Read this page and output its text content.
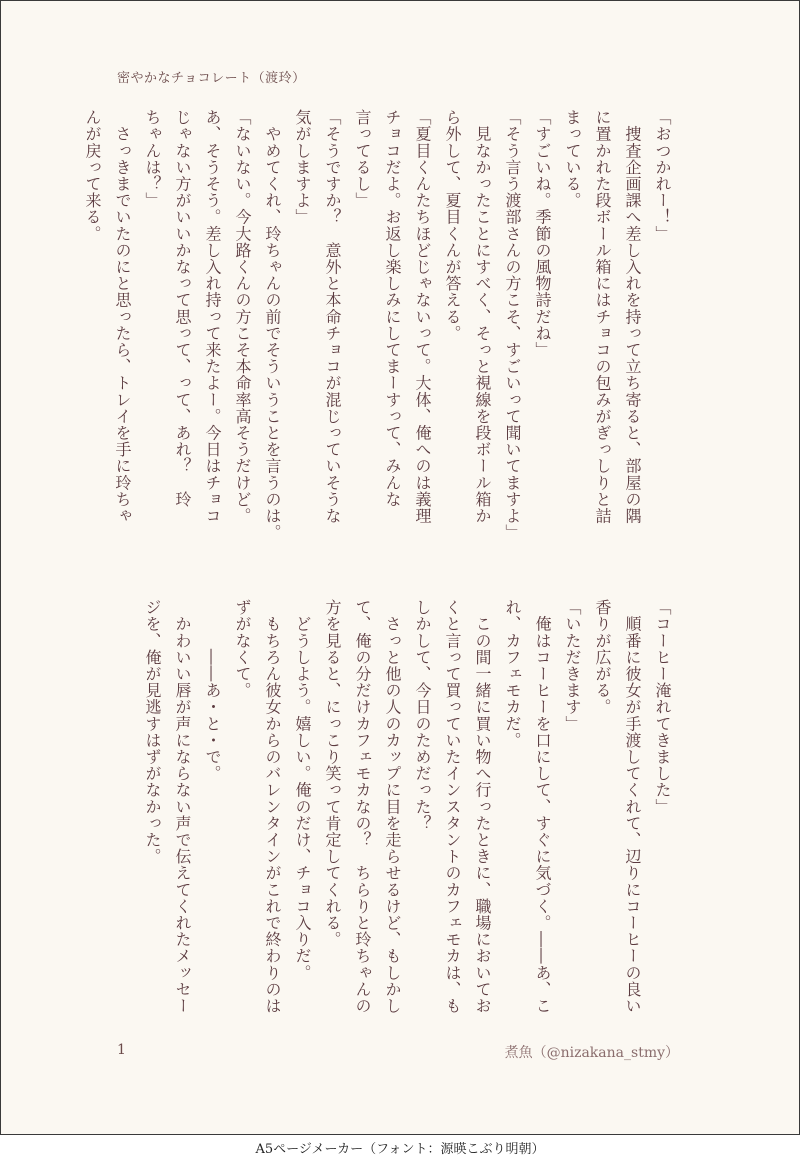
密やかなチョコレート（渡玲）

「おつかれー！」

　捜査企画課へ差し入れを持って立ち寄ると、部屋の隅

に置かれた段ボール箱にはチョコの包みがぎっしりと詰

まっている。

「すごいね。季節の風物詩だね」

「そう言う渡部さんの方こそ、すごいって聞いてますよ」

　見なかったことにすべく、そっと視線を段ボール箱か

ら外して、夏目くんが答える。

「夏目くんたちほどじゃないって。大体、俺へのは義理

チョコだよ。お返し楽しみにしてまーすって、みんな

言ってるし」

「そうですか？　意外と本命チョコが混じっていそうな

気がしますよ」

　やめてくれ、玲ちゃんの前でそういうことを言うのは。

「ないない。今大路くんの方こそ本命率高そうだけど。

あ、そうそう。差し入れ持って来たよー。今日はチョコ

じゃない方がいいかなって思って、って、あれ？　玲

ちゃんは？」

　さっきまでいたのにと思ったら、トレイを手に玲ちゃ

んが戻って来る。

「コーヒー淹れてきました」

　順番に彼女が手渡してくれて、辺りにコーヒーの良い

香りが広がる。

「いただきます」

　俺はコーヒーを口にして、すぐに気づく。――あ、こ

れ、カフェモカだ。

　この間一緒に買い物へ行ったときに、職場においてお

くと言って買っていたインスタントのカフェモカは、も

しかして、今日のためだった？

　さっと他の人のカップに目を走らせるけど、もしかし

て、俺の分だけカフェモカなの？　ちらりと玲ちゃんの

方を見ると、にっこり笑って肯定してくれる。

　どうしよう。嬉しい。俺のだけ、チョコ入りだ。

　もちろん彼女からのバレンタインがこれで終わりのは

ずがなくて。

　　　――あ・と・で。

　かわいい唇が声にならない声で伝えてくれたメッセー

ジを、俺が見逃すはずがなかった。

1	煮魚（@nizakana_stmy）
A5ページメーカー（フォント：源暎こぶり明朝）
